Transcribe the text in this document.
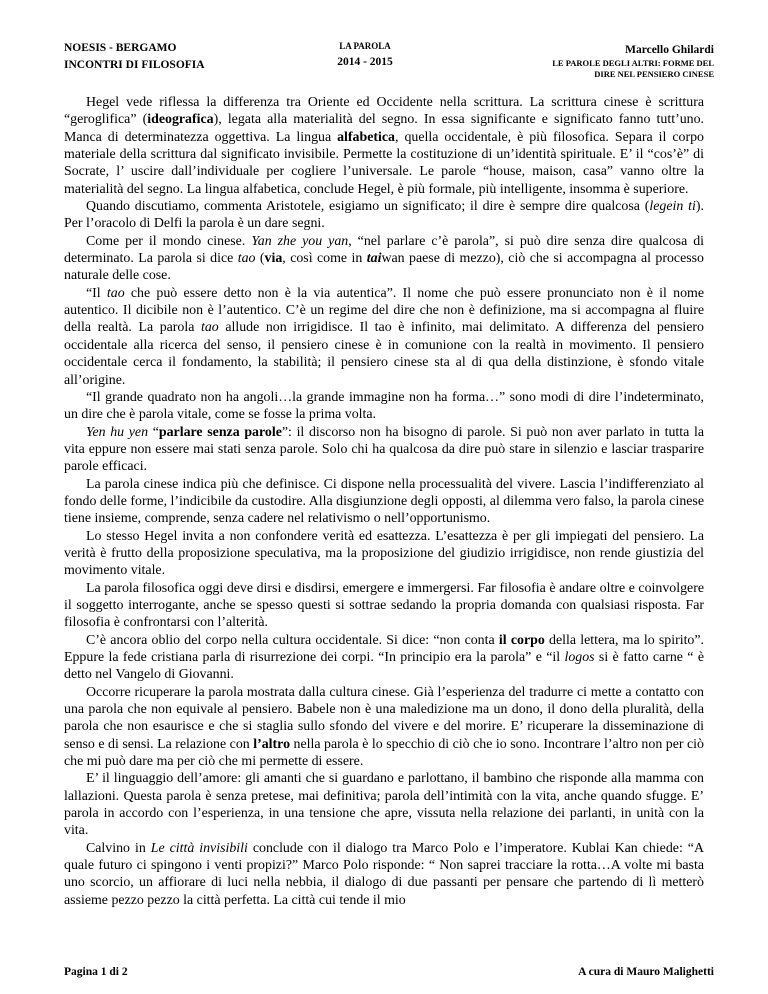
NOESIS - BERGAMO
INCONTRI DI FILOSOFIA
LA PAROLA
2014 - 2015
Marcello Ghilardi
LE PAROLE DEGLI ALTRI: FORME DEL
DIRE NEL PENSIERO CINESE

Hegel vede riflessa la differenza tra Oriente ed Occidente nella scrittura. La scrittura cinese è scrittura “geroglifica” (ideografica), legata alla materialità del segno. In essa significante e significato fanno tutt’uno. Manca di determinatezza oggettiva. La lingua alfabetica, quella occidentale, è più filosofica. Separa il corpo materiale della scrittura dal significato invisibile. Permette la costituzione di un’identità spirituale. E’ il “cos’è” di Socrate, l’ uscire dall’individuale per cogliere l’universale. Le parole “house, maison, casa” vanno oltre la materialità del segno. La lingua alfabetica, conclude Hegel, è più formale, più intelligente, insomma è superiore.

Quando discutiamo, commenta Aristotele, esigiamo un significato; il dire è sempre dire qualcosa (legein ti). Per l’oracolo di Delfi la parola è un dare segni.

Come per il mondo cinese. Yan zhe you yan, “nel parlare c’è parola”, si può dire senza dire qualcosa di determinato. La parola si dice tao (via, così come in taiwan paese di mezzo), ciò che si accompagna al processo naturale delle cose.

“Il tao che può essere detto non è la via autentica”. Il nome che può essere pronunciato non è il nome autentico. Il dicibile non è l’autentico. C’è un regime del dire che non è definizione, ma si accompagna al fluire della realtà. La parola tao allude non irrigidisce. Il tao è infinito, mai delimitato. A differenza del pensiero occidentale alla ricerca del senso, il pensiero cinese è in comunione con la realtà in movimento. Il pensiero occidentale cerca il fondamento, la stabilità; il pensiero cinese sta al di qua della distinzione, è sfondo vitale all’origine.

“Il grande quadrato non ha angoli…la grande immagine non ha forma…” sono modi di dire l’indeterminato, un dire che è parola vitale, come se fosse la prima volta.

Yen hu yen “parlare senza parole”: il discorso non ha bisogno di parole. Si può non aver parlato in tutta la vita eppure non essere mai stati senza parole. Solo chi ha qualcosa da dire può stare in silenzio e lasciar trasparire parole efficaci.

La parola cinese indica più che definisce. Ci dispone nella processualità del vivere. Lascia l’indifferenziato al fondo delle forme, l’indicibile da custodire. Alla disgiunzione degli opposti, al dilemma vero falso, la parola cinese tiene insieme, comprende, senza cadere nel relativismo o nell’opportunismo.

Lo stesso Hegel invita a non confondere verità ed esattezza. L’esattezza è per gli impiegati del pensiero. La verità è frutto della proposizione speculativa, ma la proposizione del giudizio irrigidisce, non rende giustizia del movimento vitale.

La parola filosofica oggi deve dirsi e disdirsi, emergere e immergersi. Far filosofia è andare oltre e coinvolgere il soggetto interrogante, anche se spesso questi si sottrae sedando la propria domanda con qualsiasi risposta. Far filosofia è confrontarsi con l’alterità.

C’è ancora oblio del corpo nella cultura occidentale. Si dice: “non conta il corpo della lettera, ma lo spirito”. Eppure la fede cristiana parla di risurrezione dei corpi. “In principio era la parola” e “il logos si è fatto carne “ è detto nel Vangelo di Giovanni.

Occorre ricuperare la parola mostrata dalla cultura cinese. Già l’esperienza del tradurre ci mette a contatto con una parola che non equivale al pensiero. Babele non è una maledizione ma un dono, il dono della pluralità, della parola che non esaurisce e che si staglia sullo sfondo del vivere e del morire. E’ ricuperare la disseminazione di senso e di sensi. La relazione con l’altro nella parola è lo specchio di ciò che io sono. Incontrare l’altro non per ciò che mi può dare ma per ciò che mi permette di essere.

E’ il linguaggio dell’amore: gli amanti che si guardano e parlottano, il bambino che risponde alla mamma con lallazioni. Questa parola è senza pretese, mai definitiva; parola dell’intimità con la vita, anche quando sfugge. E’ parola in accordo con l’esperienza, in una tensione che apre, vissuta nella relazione dei parlanti, in unità con la vita.

Calvino in Le città invisibili conclude con il dialogo tra Marco Polo e l’imperatore. Kublai Kan chiede: “A quale futuro ci spingono i venti propizi?” Marco Polo risponde: “ Non saprei tracciare la rotta…A volte mi basta uno scorcio, un affiorare di luci nella nebbia, il dialogo di due passanti per pensare che partendo di lì metterò assieme pezzo pezzo la città perfetta. La città cui tende il mio

Pagina 1 di 2	A cura di Mauro Malighetti
